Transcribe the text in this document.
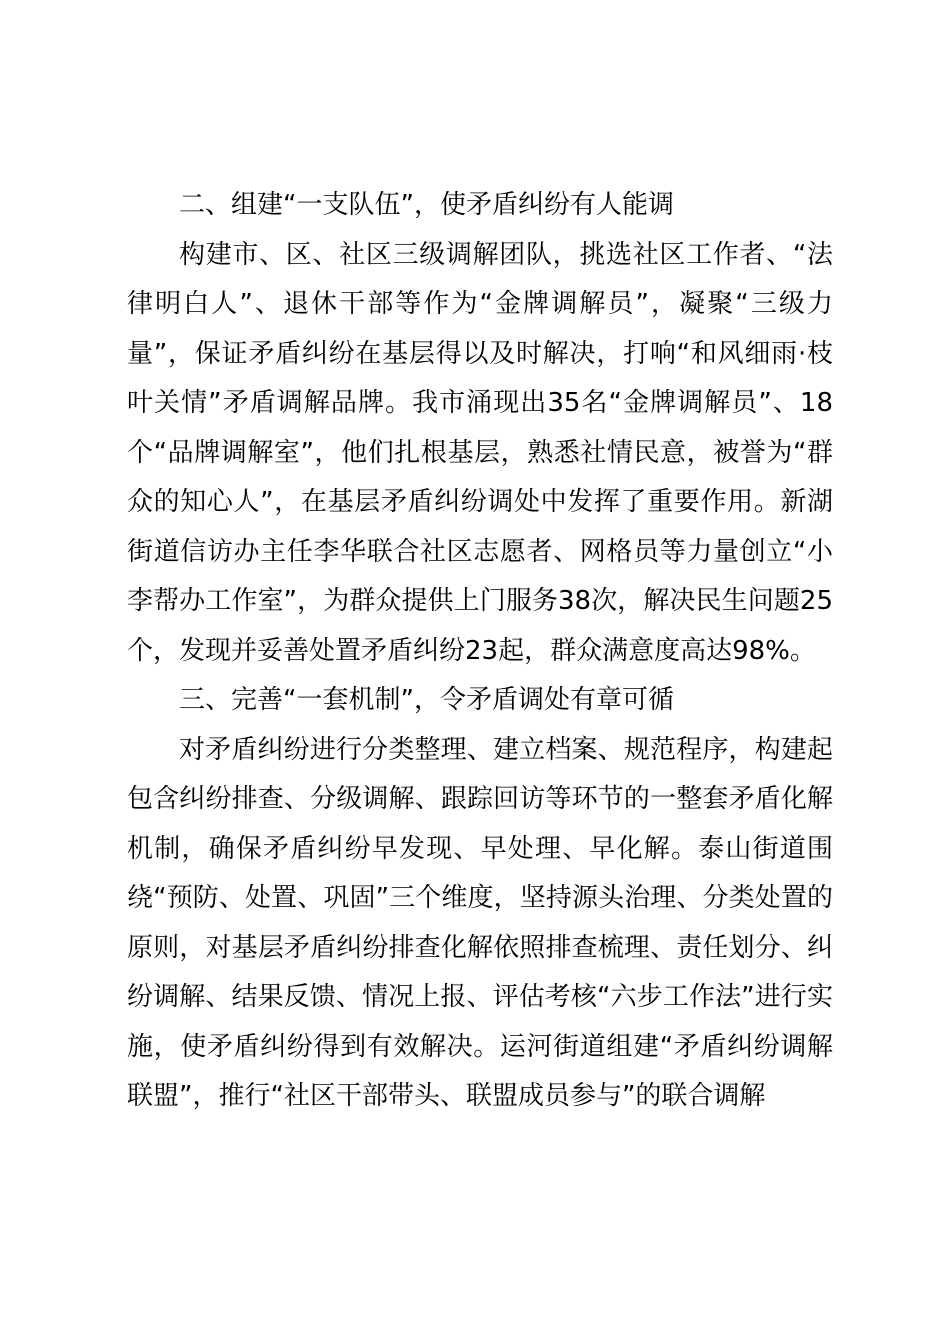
二、组建“一支队伍”，使矛盾纠纷有人能调

构建市、区、社区三级调解团队，挑选社区工作者、“法律明白人”、退休干部等作为“金牌调解员”，凝聚“三级力量”，保证矛盾纠纷在基层得以及时解决，打响“和风细雨·枝叶关情”矛盾调解品牌。我市涌现出35名“金牌调解员”、18个“品牌调解室”，他们扎根基层，熟悉社情民意，被誉为“群众的知心人”，在基层矛盾纠纷调处中发挥了重要作用。新湖街道信访办主任李华联合社区志愿者、网格员等力量创立“小李帮办工作室”，为群众提供上门服务38次，解决民生问题25个，发现并妥善处置矛盾纠纷23起，群众满意度高达98%。

三、完善“一套机制”，令矛盾调处有章可循

对矛盾纠纷进行分类整理、建立档案、规范程序，构建起包含纠纷排查、分级调解、跟踪回访等环节的一整套矛盾化解机制，确保矛盾纠纷早发现、早处理、早化解。泰山街道围绕“预防、处置、巩固”三个维度，坚持源头治理、分类处置的原则，对基层矛盾纠纷排查化解依照排查梳理、责任划分、纠纷调解、结果反馈、情况上报、评估考核“六步工作法”进行实施，使矛盾纠纷得到有效解决。运河街道组建“矛盾纠纷调解联盟”，推行“社区干部带头、联盟成员参与”的联合调解
